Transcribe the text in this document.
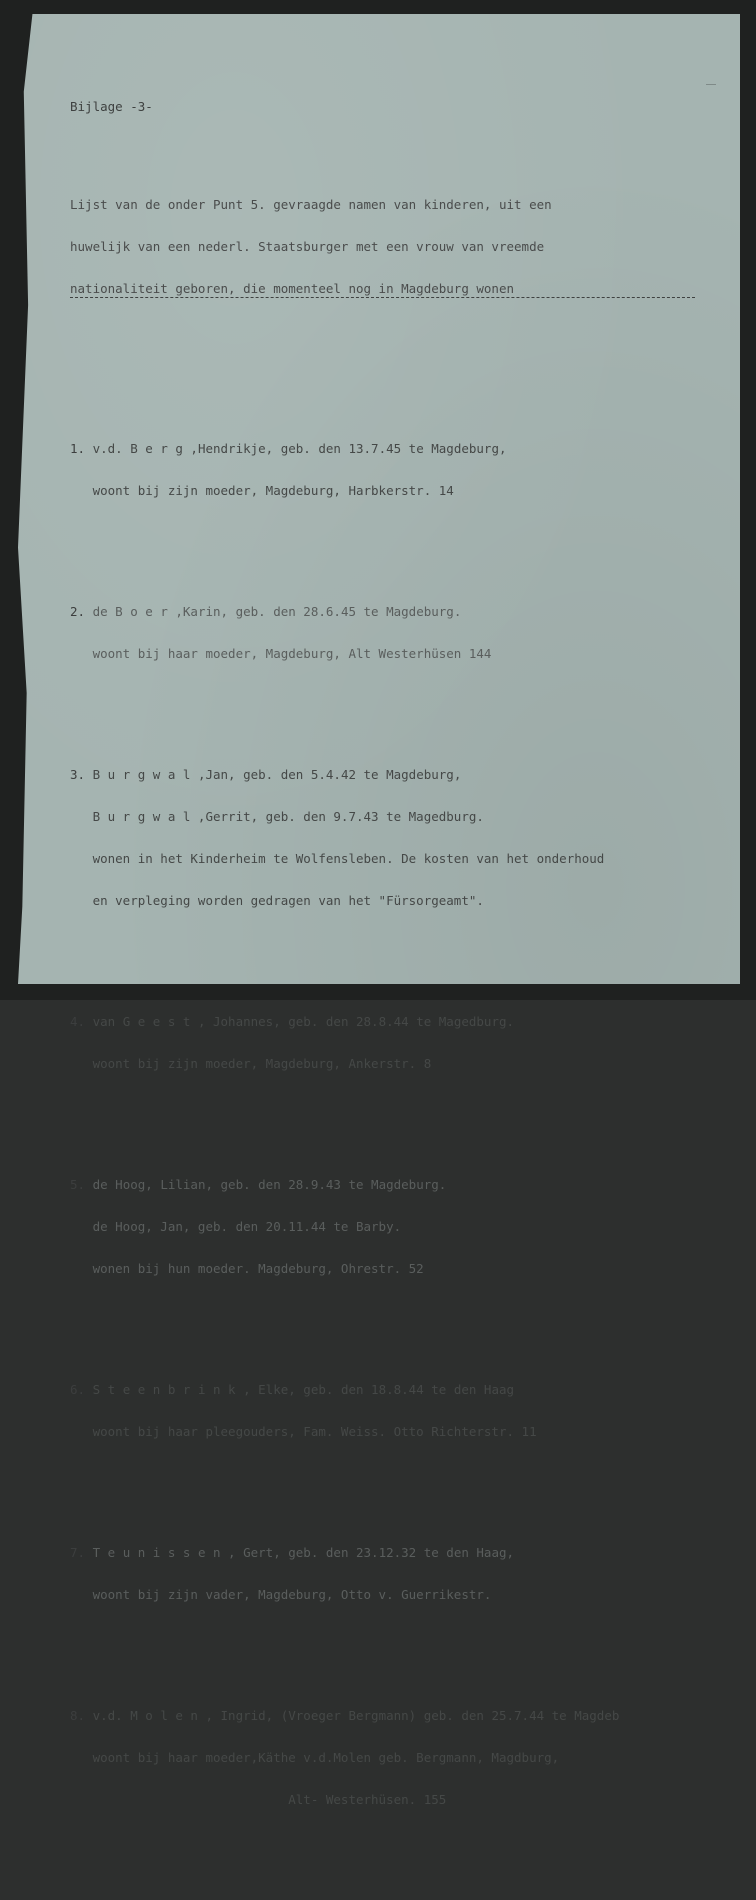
Bijlage -3-

Lijst van de onder Punt 5. gevraagde namen van kinderen, uit een

huwelijk van een nederl. Staatsburger met een vrouw van vreemde

nationaliteit geboren, die momenteel nog in Magdeburg wonen

1. v.d. B e r g ,Hendrikje, geb. den 13.7.45 te Magdeburg,

woont bij zijn moeder, Magdeburg, Harbkerstr. 14

2. de B o e r ,Karin, geb. den 28.6.45 te Magdeburg.

woont bij haar moeder, Magdeburg, Alt Westerhüsen 144

3. B u r g w a l ,Jan, geb. den 5.4.42 te Magdeburg,

B u r g w a l ,Gerrit, geb. den 9.7.43 te Magedburg.

wonen in het Kinderheim te Wolfensleben. De kosten van het onderhoud

en verpleging worden gedragen van het "Fürsorgeamt".

4. van G e e s t , Johannes, geb. den 28.8.44 te Magedburg.

woont bij zijn moeder, Magdeburg, Ankerstr. 8

5. de Hoog, Lilian, geb. den 28.9.43 te Magdeburg.

de Hoog, Jan, geb. den 20.11.44 te Barby.

wonen bij hun moeder. Magdeburg, Ohrestr. 52

6. S t e e n b r i n k , Elke, geb. den 18.8.44 te den Haag

woont bij haar pleegouders, Fam. Weiss. Otto Richterstr. 11

7. T e u n i s s e n , Gert, geb. den 23.12.32 te den Haag,

woont bij zijn vader, Magdeburg, Otto v. Guerrikestr.

8. v.d. M o l e n , Ingrid, (Vroeger Bergmann) geb. den 25.7.44 te Magdeb

woont bij haar moeder,Käthe v.d.Molen geb. Bergmann, Magdburg,

Alt- Westerhüsen. 155
